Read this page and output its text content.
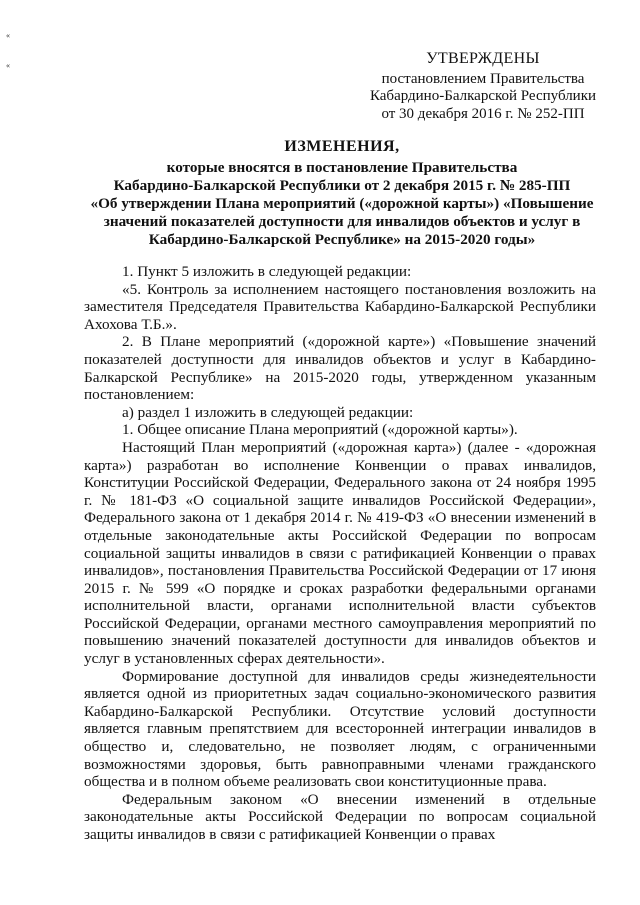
«
«	УТВЕРЖДЕНЫ
постановлением Правительства
Кабардино-Балкарской Республики
от 30 декабря 2016 г. № 252-ПП
ИЗМЕНЕНИЯ,
которые вносятся в постановление Правительства
Кабардино-Балкарской Республики от 2 декабря 2015 г. № 285-ПП
«Об утверждении Плана мероприятий («дорожной карты») «Повышение
значений показателей доступности для инвалидов объектов и услуг в
Кабардино-Балкарской Республике» на 2015-2020 годы»

1. Пункт 5 изложить в следующей редакции:

«5. Контроль за исполнением настоящего постановления возложить на заместителя Председателя Правительства Кабардино-Балкарской Республики Ахохова Т.Б.».

2. В Плане мероприятий («дорожной карте») «Повышение значений показателей доступности для инвалидов объектов и услуг в Кабардино-Балкарской Республике» на 2015-2020 годы, утвержденном указанным постановлением:

а) раздел 1 изложить в следующей редакции:

1. Общее описание Плана мероприятий («дорожной карты»).

Настоящий План мероприятий («дорожная карта») (далее - «дорожная карта») разработан во исполнение Конвенции о правах инвалидов, Конституции Российской Федерации, Федерального закона от 24 ноября 1995 г. № 181-ФЗ «О социальной защите инвалидов Российской Федерации», Федерального закона от 1 декабря 2014 г. № 419-ФЗ «О внесении изменений в отдельные законодательные акты Российской Федерации по вопросам социальной защиты инвалидов в связи с ратификацией Конвенции о правах инвалидов», постановления Правительства Российской Федерации от 17 июня 2015 г. № 599 «О порядке и сроках разработки федеральными органами исполнительной власти, органами исполнительной власти субъектов Российской Федерации, органами местного самоуправления мероприятий по повышению значений показателей доступности для инвалидов объектов и услуг в установленных сферах деятельности».

Формирование доступной для инвалидов среды жизнедеятельности является одной из приоритетных задач социально-экономического развития Кабардино-Балкарской Республики. Отсутствие условий доступности является главным препятствием для всесторонней интеграции инвалидов в общество и, следовательно, не позволяет людям, с ограниченными возможностями здоровья, быть равноправными членами гражданского общества и в полном объеме реализовать свои конституционные права.

Федеральным законом «О внесении изменений в отдельные законодательные акты Российской Федерации по вопросам социальной защиты инвалидов в связи с ратификацией Конвенции о правах
